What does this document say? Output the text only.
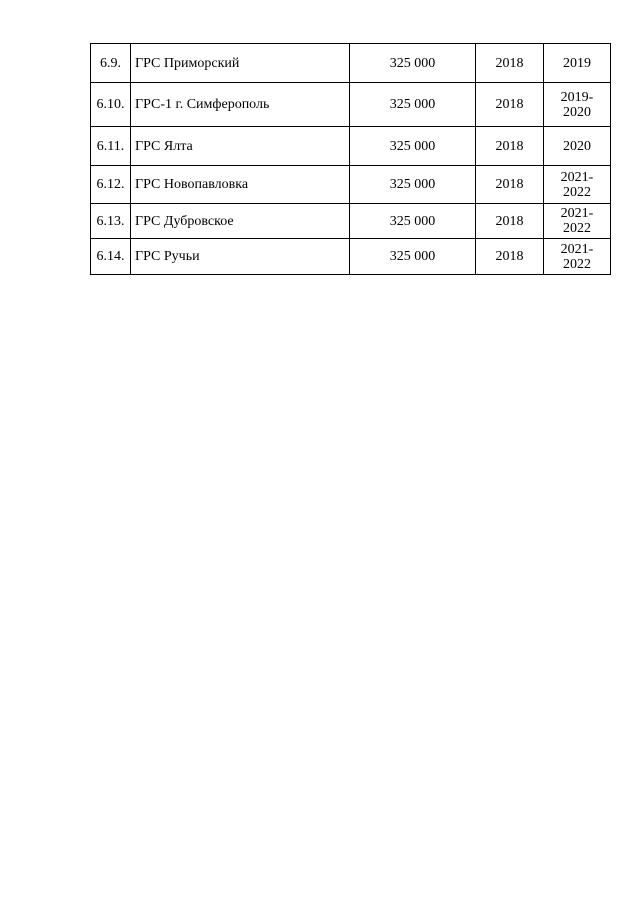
6.9.	ГРС Приморский	325 000	2018	2019
6.10.	ГРС-1 г. Симферополь	325 000	2018	2019-
2020
6.11.	ГРС Ялта	325 000	2018	2020
6.12.	ГРС Новопавловка	325 000	2018	2021-
2022
6.13.	ГРС Дубровское	325 000	2018	2021-
2022
6.14.	ГРС Ручьи	325 000	2018	2021-
2022
